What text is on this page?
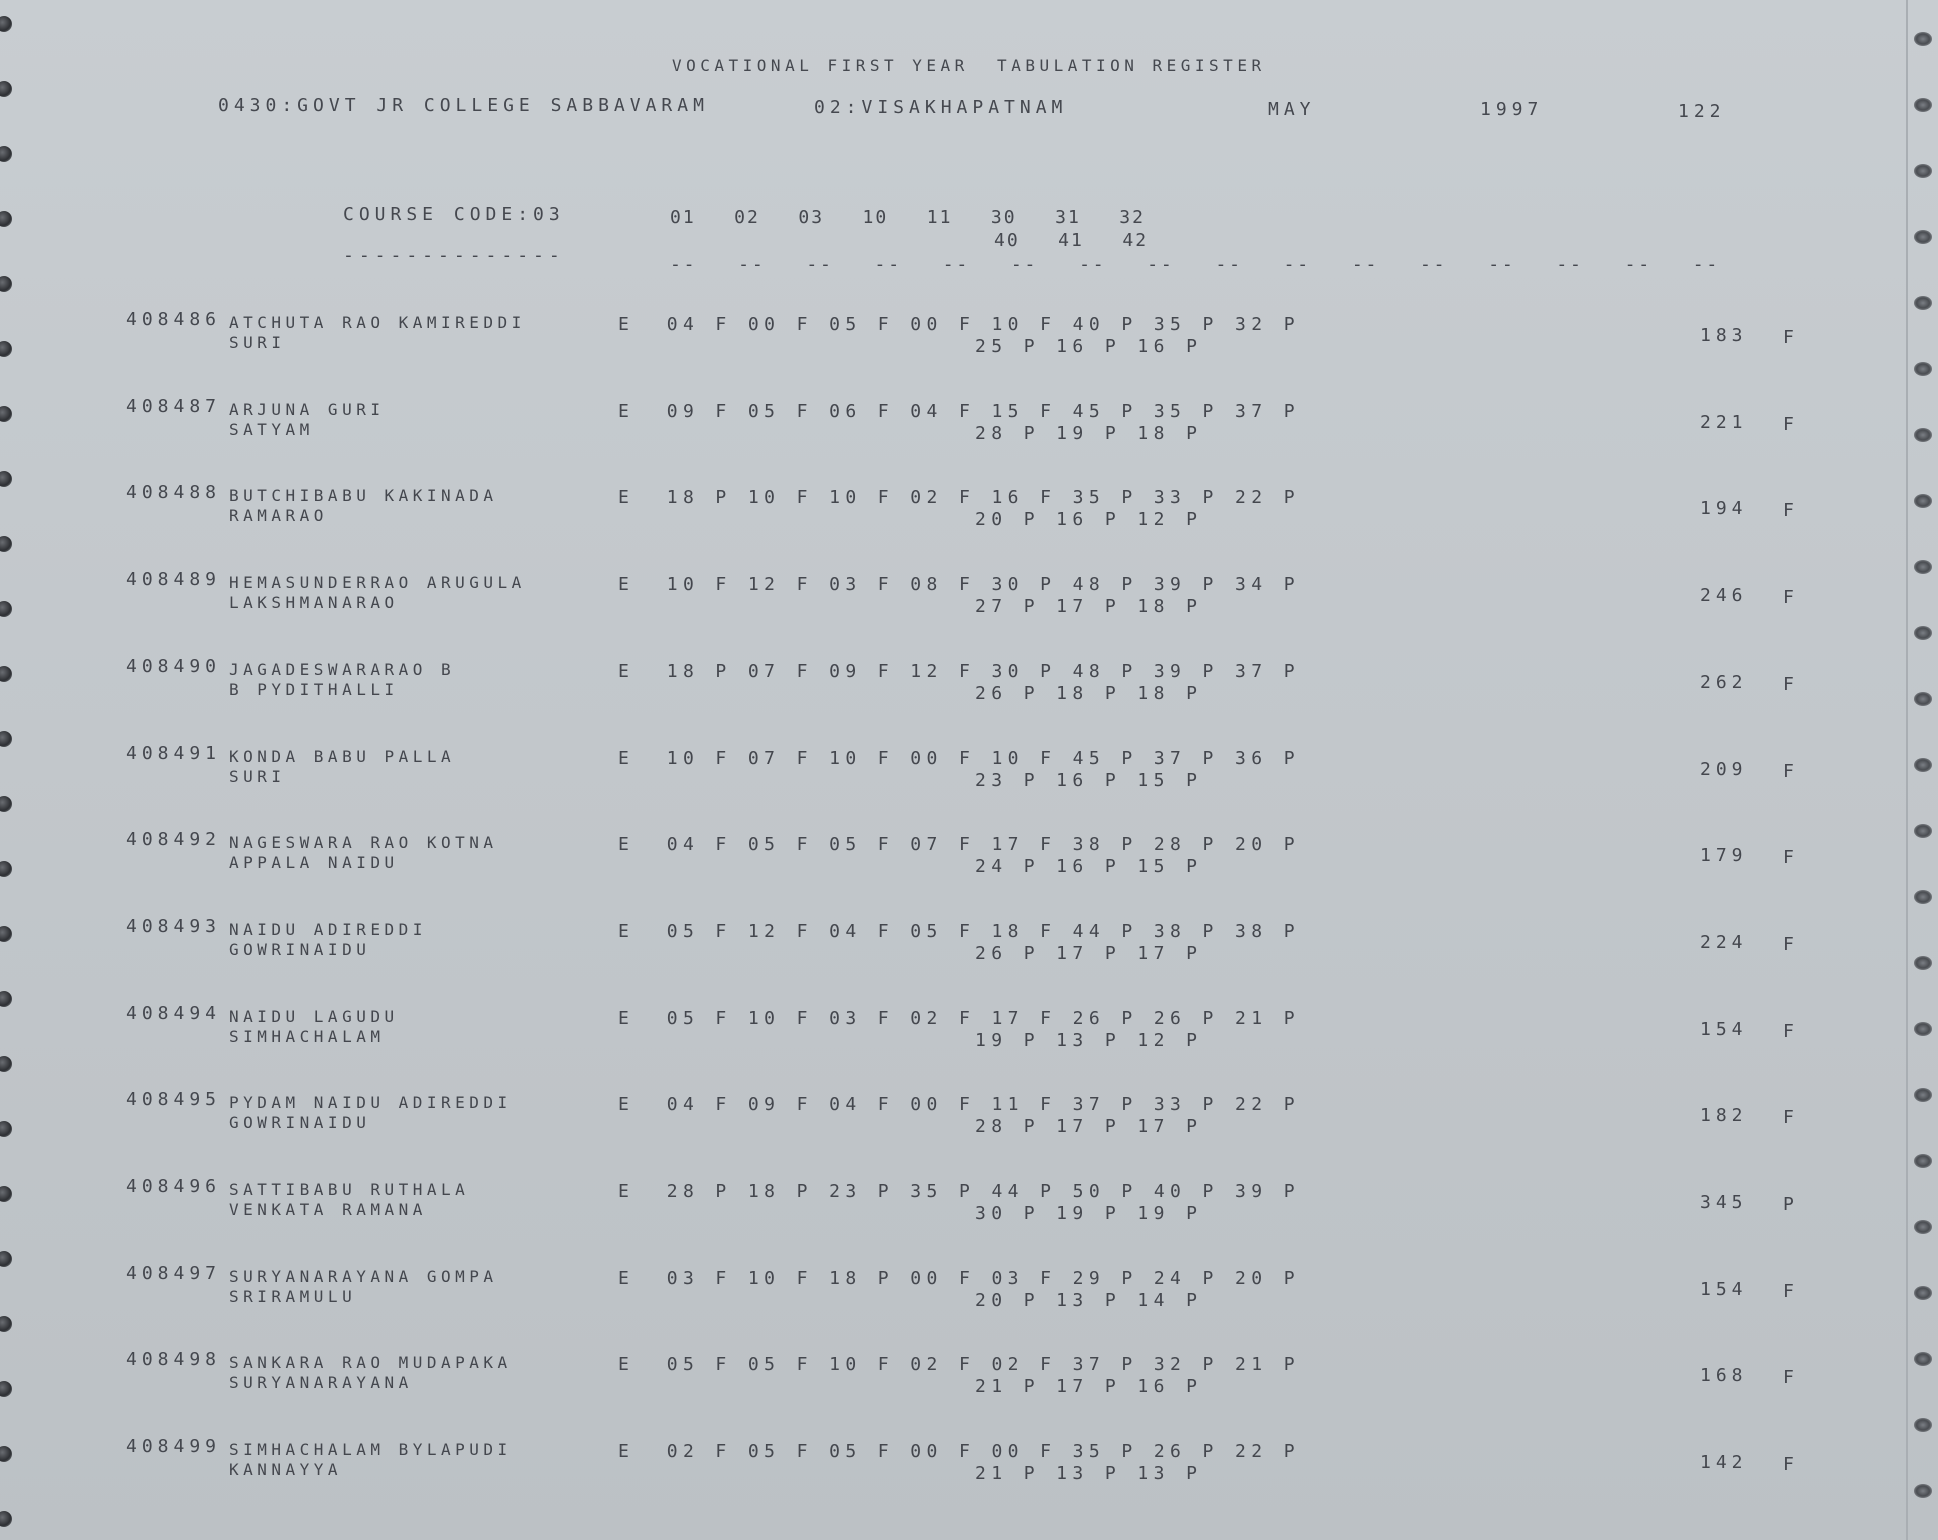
VOCATIONAL FIRST YEAR  TABULATION REGISTER
0430:GOVT JR COLLEGE SABBAVARAM	02:VISAKHAPATNAM	MAY	1997	122
COURSE CODE:03
--------------
01   02   03   10   11   30   31   32
40   41   42
--   --   --   --   --   --   --   --   --   --   --   --   --   --   --   --
408486 ATCHUTA RAO KAMIREDDI
SURI
E  04 F 00 F 05 F 00 F 10 F 40 P 35 P 32 P
25 P 16 P 16 P
183 F
408487 ARJUNA GURI
SATYAM
E  09 F 05 F 06 F 04 F 15 F 45 P 35 P 37 P
28 P 19 P 18 P
221 F
408488 BUTCHIBABU KAKINADA
RAMARAO
E  18 P 10 F 10 F 02 F 16 F 35 P 33 P 22 P
20 P 16 P 12 P
194 F
408489 HEMASUNDERRAO ARUGULA
LAKSHMANARAO
E  10 F 12 F 03 F 08 F 30 P 48 P 39 P 34 P
27 P 17 P 18 P
246 F
408490 JAGADESWARARAO B
B PYDITHALLI
E  18 P 07 F 09 F 12 F 30 P 48 P 39 P 37 P
26 P 18 P 18 P
262 F
408491 KONDA BABU PALLA
SURI
E  10 F 07 F 10 F 00 F 10 F 45 P 37 P 36 P
23 P 16 P 15 P
209 F
408492 NAGESWARA RAO KOTNA
APPALA NAIDU
E  04 F 05 F 05 F 07 F 17 F 38 P 28 P 20 P
24 P 16 P 15 P
179 F
408493 NAIDU ADIREDDI
GOWRINAIDU
E  05 F 12 F 04 F 05 F 18 F 44 P 38 P 38 P
26 P 17 P 17 P
224 F
408494 NAIDU LAGUDU
SIMHACHALAM
E  05 F 10 F 03 F 02 F 17 F 26 P 26 P 21 P
19 P 13 P 12 P
154 F
408495 PYDAM NAIDU ADIREDDI
GOWRINAIDU
E  04 F 09 F 04 F 00 F 11 F 37 P 33 P 22 P
28 P 17 P 17 P
182 F
408496 SATTIBABU RUTHALA
VENKATA RAMANA
E  28 P 18 P 23 P 35 P 44 P 50 P 40 P 39 P
30 P 19 P 19 P
345 P
408497 SURYANARAYANA GOMPA
SRIRAMULU
E  03 F 10 F 18 P 00 F 03 F 29 P 24 P 20 P
20 P 13 P 14 P
154 F
408498 SANKARA RAO MUDAPAKA
SURYANARAYANA
E  05 F 05 F 10 F 02 F 02 F 37 P 32 P 21 P
21 P 17 P 16 P
168 F
408499 SIMHACHALAM BYLAPUDI
KANNAYYA
E  02 F 05 F 05 F 00 F 00 F 35 P 26 P 22 P
21 P 13 P 13 P
142 F
